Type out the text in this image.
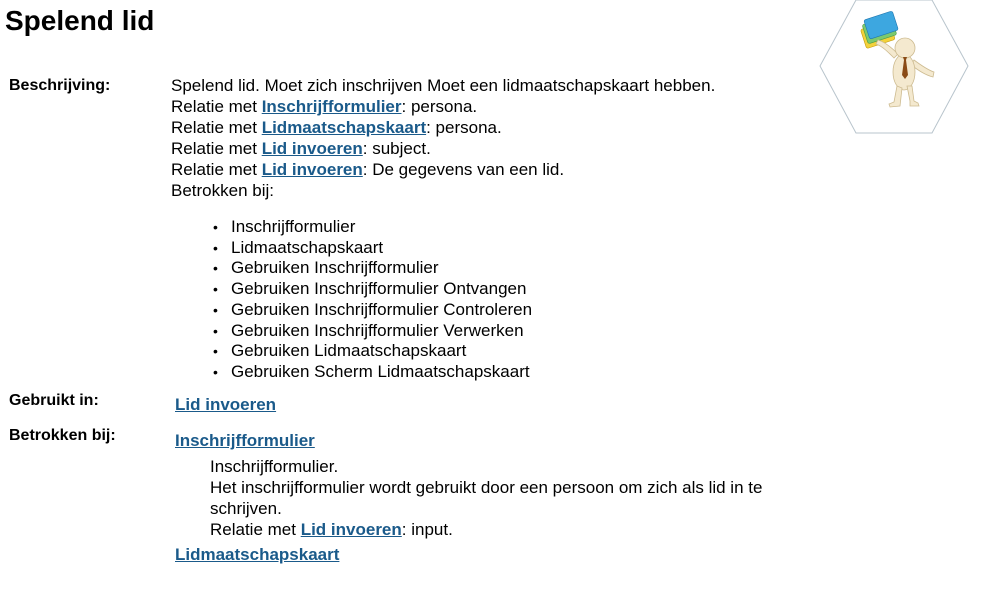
Spelend lid
Beschrijving:	Spelend lid. Moet zich inschrijven Moet een lidmaatschapskaart hebben.
Relatie met Inschrijfformulier: persona.
Relatie met Lidmaatschapskaart: persona.
Relatie met Lid invoeren: subject.
Relatie met Lid invoeren: De gegevens van een lid.
Betrokken bij:
• Inschrijfformulier
• Lidmaatschapskaart
• Gebruiken Inschrijfformulier
• Gebruiken Inschrijfformulier Ontvangen
• Gebruiken Inschrijfformulier Controleren
• Gebruiken Inschrijfformulier Verwerken
• Gebruiken Lidmaatschapskaart
• Gebruiken Scherm Lidmaatschapskaart
Gebruikt in:	Lid invoeren
Betrokken bij:	Inschrijfformulier
Inschrijfformulier.
Het inschrijfformulier wordt gebruikt door een persoon om zich als lid in te
schrijven.
Relatie met Lid invoeren: input.
Lidmaatschapskaart
